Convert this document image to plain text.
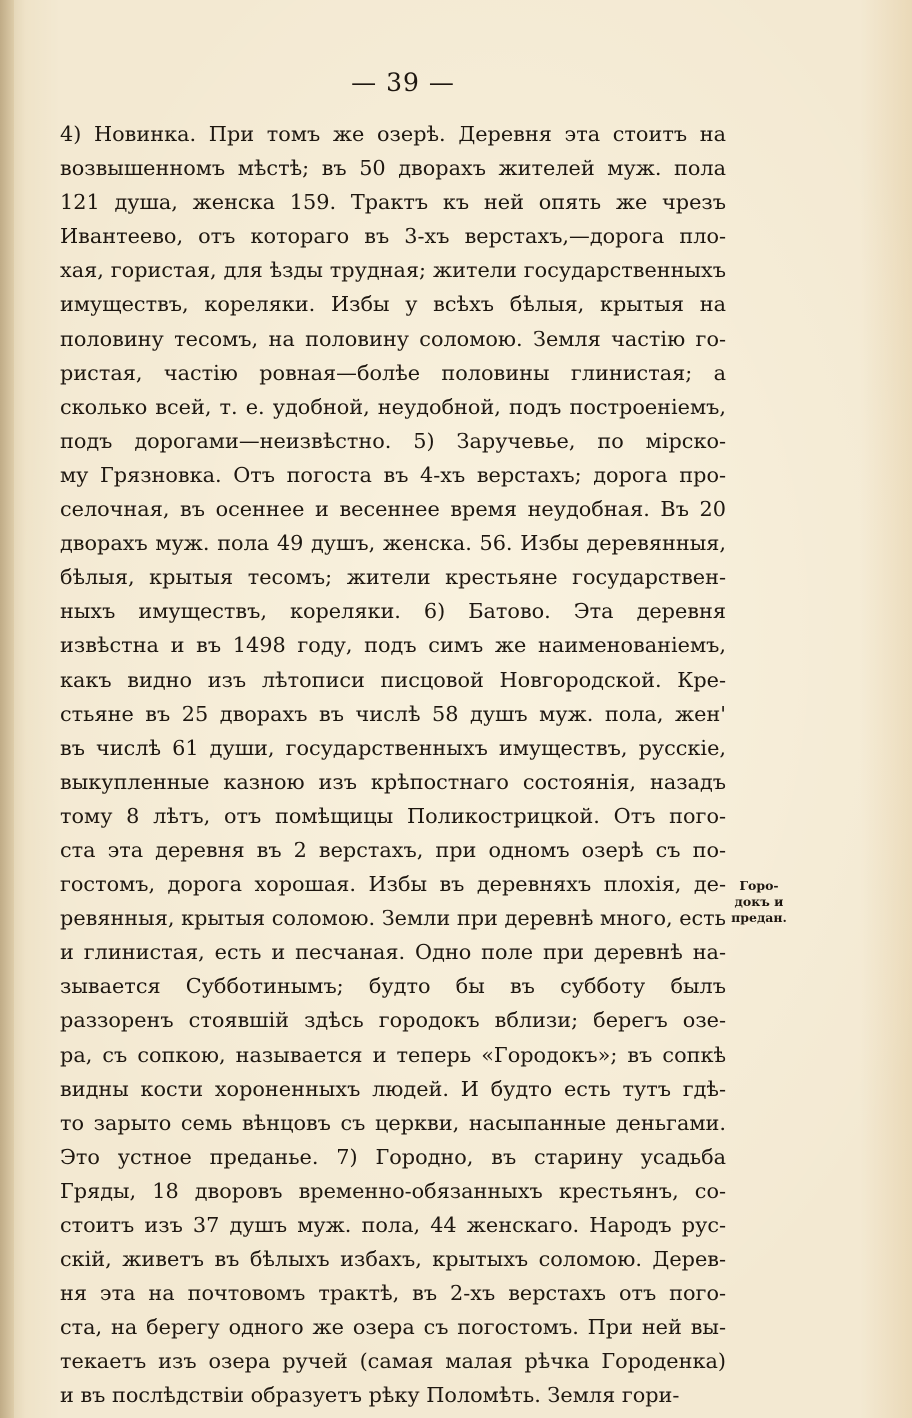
— 39 —
4) Новинка. При томъ же озерѣ. Деревня эта стоитъ на
возвышенномъ мѣстѣ; въ 50 дворахъ жителей муж. пола
121 душа, женска 159. Трактъ къ ней опять же чрезъ
Ивантеево, отъ котораго въ 3-хъ верстахъ,—дорога пло-
хая, гористая, для ѣзды трудная; жители государственныхъ
имуществъ, кореляки. Избы у всѣхъ бѣлыя, крытыя на
половину тесомъ, на половину соломою. Земля частію го-
ристая, частію ровная—болѣе половины глинистая; а
сколько всей, т. е. удобной, неудобной, подъ построеніемъ,
подъ дорогами—неизвѣстно. 5) Заручевье, по мірско-
му Грязновка. Отъ погоста въ 4-хъ верстахъ; дорога про-
селочная, въ осеннее и весеннее время неудобная. Въ 20
дворахъ муж. пола 49 душъ, женска. 56. Избы деревянныя,
бѣлыя, крытыя тесомъ; жители крестьяне государствен-
ныхъ имуществъ, кореляки. 6) Батово. Эта деревня
извѣстна и въ 1498 году, подъ симъ же наименованіемъ,
какъ видно изъ лѣтописи писцовой Новгородской. Кре-
стьяне въ 25 дворахъ въ числѣ 58 душъ муж. пола, жен'
въ числѣ 61 души, государственныхъ имуществъ, русскіе,
выкупленные казною изъ крѣпостнаго состоянія, назадъ
тому 8 лѣтъ, отъ помѣщицы Поликострицкой. Отъ пого-
ста эта деревня въ 2 верстахъ, при одномъ озерѣ съ по-
гостомъ, дорога хорошая. Избы въ деревняхъ плохія, де-
ревянныя, крытыя соломою. Земли при деревнѣ много, есть
и глинистая, есть и песчаная. Одно поле при деревнѣ на-
зывается Субботинымъ; будто бы въ субботу былъ
раззоренъ стоявшій здѣсь городокъ вблизи; берегъ озе-
ра, съ сопкою, называется и теперь «Городокъ»; въ сопкѣ
видны кости хороненныхъ людей. И будто есть тутъ гдѣ-
то зарыто семь вѣнцовъ съ церкви, насыпанные деньгами.
Это устное преданье. 7) Городно, въ старину усадьба
Гряды, 18 дворовъ временно-обязанныхъ крестьянъ, со-
стоитъ изъ 37 душъ муж. пола, 44 женскаго. Народъ рус-
скій, живетъ въ бѣлыхъ избахъ, крытыхъ соломою. Дерев-
ня эта на почтовомъ трактѣ, въ 2-хъ верстахъ отъ пого-
ста, на берегу одного же озера съ погостомъ. При ней вы-
текаетъ изъ озера ручей (самая малая рѣчка Городенка)
и въ послѣдствіи образуетъ рѣку Поломѣть. Земля гори-
Горо-
докъ и
предан.
